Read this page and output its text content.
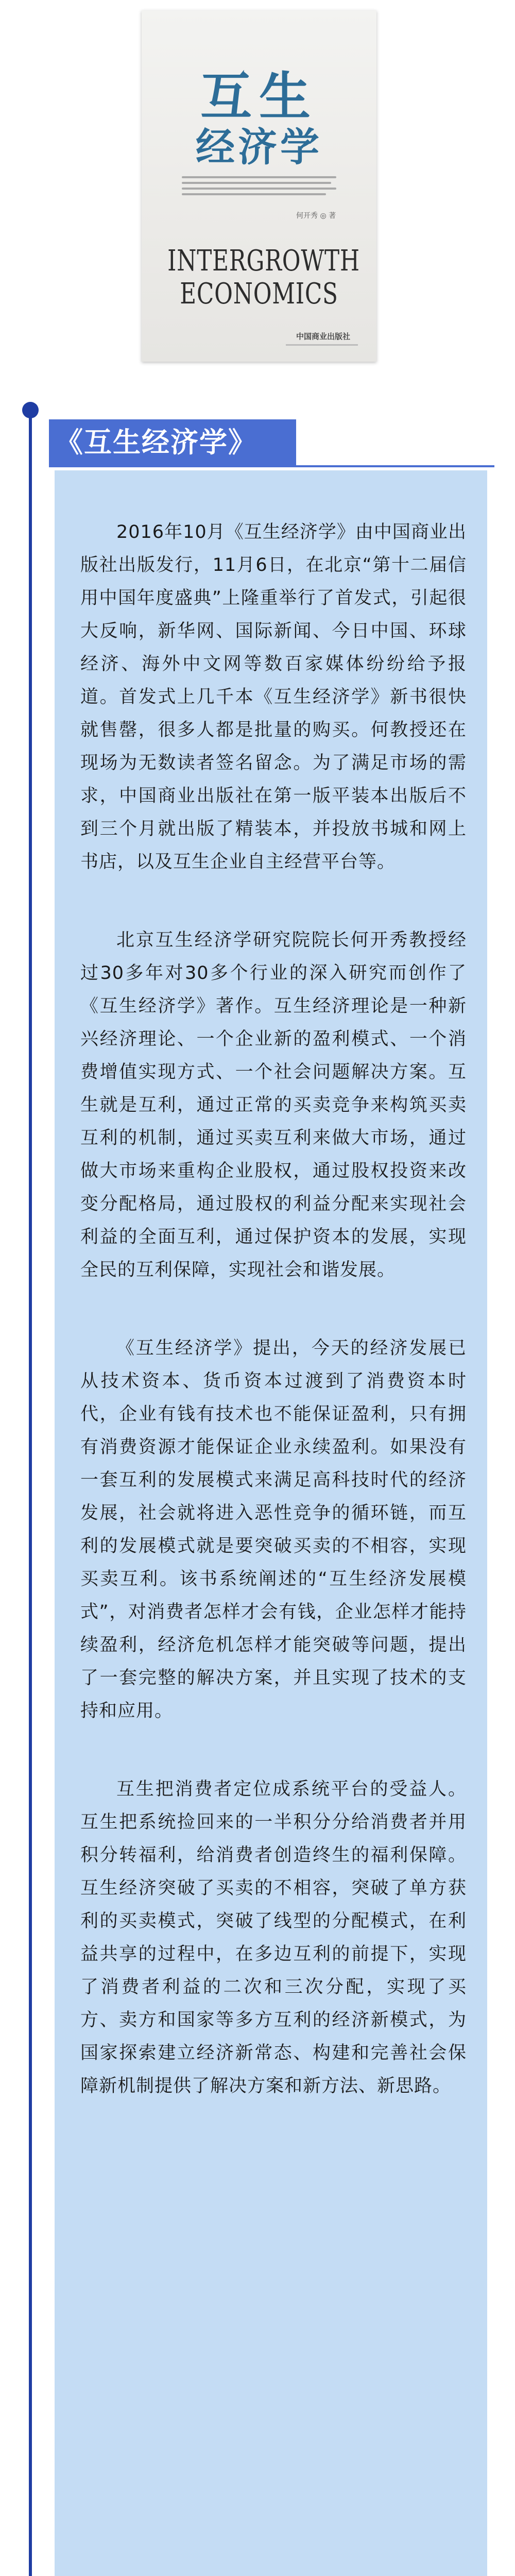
互生
经济学
何开秀 ◎ 著
INTERGROWTH ECONOMICS
中国商业出版社
《互生经济学》

2016年10月《互生经济学》由中国商业出版社出版发行，11月6日，在北京“第十二届信用中国年度盛典”上隆重举行了首发式，引起很大反响，新华网、国际新闻、今日中国、环球经济、海外中文网等数百家媒体纷纷给予报道。首发式上几千本《互生经济学》新书很快就售罄，很多人都是批量的购买。何教授还在现场为无数读者签名留念。为了满足市场的需求，中国商业出版社在第一版平装本出版后不到三个月就出版了精装本，并投放书城和网上书店，以及互生企业自主经营平台等。

北京互生经济学研究院院长何开秀教授经过30多年对30多个行业的深入研究而创作了《互生经济学》著作。互生经济理论是一种新兴经济理论、一个企业新的盈利模式、一个消费增值实现方式、一个社会问题解决方案。互生就是互利，通过正常的买卖竞争来构筑买卖互利的机制，通过买卖互利来做大市场，通过做大市场来重构企业股权，通过股权投资来改变分配格局，通过股权的利益分配来实现社会利益的全面互利，通过保护资本的发展，实现全民的互利保障，实现社会和谐发展。

《互生经济学》提出，今天的经济发展已从技术资本、货币资本过渡到了消费资本时代，企业有钱有技术也不能保证盈利，只有拥有消费资源才能保证企业永续盈利。如果没有一套互利的发展模式来满足高科技时代的经济发展，社会就将进入恶性竞争的循环链，而互利的发展模式就是要突破买卖的不相容，实现买卖互利。该书系统阐述的“互生经济发展模式”，对消费者怎样才会有钱，企业怎样才能持续盈利，经济危机怎样才能突破等问题，提出了一套完整的解决方案，并且实现了技术的支持和应用。

互生把消费者定位成系统平台的受益人。互生把系统捡回来的一半积分分给消费者并用积分转福利，给消费者创造终生的福利保障。互生经济突破了买卖的不相容，突破了单方获利的买卖模式，突破了线型的分配模式，在利益共享的过程中，在多边互利的前提下，实现了消费者利益的二次和三次分配，实现了买方、卖方和国家等多方互利的经济新模式，为国家探索建立经济新常态、构建和完善社会保障新机制提供了解决方案和新方法、新思路。
